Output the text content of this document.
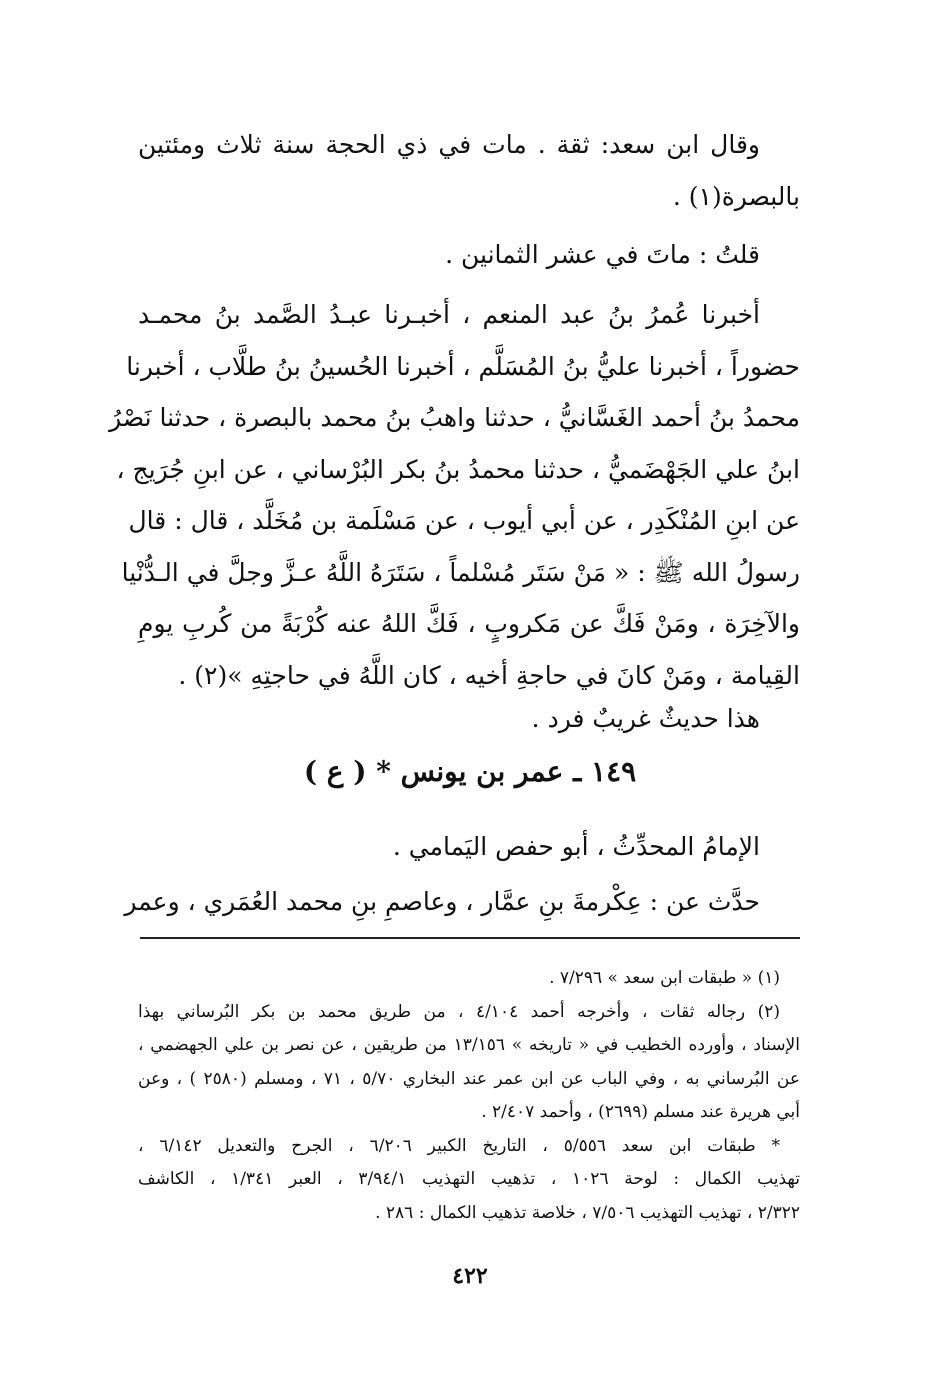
وقال ابن سعد: ثقة . مات في ذي الحجة سنة ثلاث ومئتين
بالبصرة(١) .
قلتُ : ماتَ في عشر الثمانين .
أخبرنا عُمرُ بنُ عبد المنعم ، أخبـرنا عبـدُ الصَّمد بنُ محمـد
حضوراً ، أخبرنا عليُّ بنُ المُسَلَّم ، أخبرنا الحُسينُ بنُ طلَّاب ، أخبرنا
محمدُ بنُ أحمد الغَسَّانيُّ ، حدثنا واهبُ بنُ محمد بالبصرة ، حدثنا نَصْرُ
ابنُ علي الجَهْضَميُّ ، حدثنا محمدُ بنُ بكر البُرْساني ، عن ابنِ جُرَيج ،
عن ابنِ المُنْكَدِر ، عن أبي أيوب ، عن مَسْلَمة بن مُخَلَّد ، قال : قال
رسولُ الله ﷺ : « مَنْ سَتَر مُسْلماً ، سَتَرَهُ اللَّهُ عـزَّ وجلَّ في الـدُّنْيا
والآخِرَة ، ومَنْ فَكَّ عن مَكروبٍ ، فَكَّ اللهُ عنه كُرْبَةً من كُربِ يومِ
القِيامة ، ومَنْ كانَ في حاجةِ أخيه ، كان اللَّهُ في حاجتِهِ »(٢) .
هذا حديثٌ غريبٌ فرد .
١٤٩ ـ عمر بن يونس * ( ع )
الإمامُ المحدِّثُ ، أبو حفص اليَمامي .
حدَّث عن : عِكْرمةَ بنِ عمَّار ، وعاصمِ بنِ محمد العُمَري ، وعمر
(١) « طبقات ابن سعد » ٧/٢٩٦ .
(٢) رجاله ثقات ، وأخرجه أحمد ٤/١٠٤ ، من طريق محمد بن بكر البُرساني بهذا
الإسناد ، وأورده الخطيب في « تاريخه » ١٣/١٥٦ من طريقين ، عن نصر بن علي الجهضمي ،
عن البُرساني به ، وفي الباب عن ابن عمر عند البخاري ٥/٧٠ ، ٧١ ، ومسلم (٢٥٨٠ ) ، وعن
أبي هريرة عند مسلم (٢٦٩٩) ، وأحمد ٢/٤٠٧ .
* طبقات ابن سعد ٥/٥٥٦ ، التاريخ الكبير ٦/٢٠٦ ، الجرح والتعديل ٦/١٤٢ ،
تهذيب الكمال : لوحة ١٠٢٦ ، تذهيب التهذيب ٣/٩٤/١ ، العبر ١/٣٤١ ، الكاشف
٢/٣٢٢ ، تهذيب التهذيب ٧/٥٠٦ ، خلاصة تذهيب الكمال : ٢٨٦ .
٤٢٢
